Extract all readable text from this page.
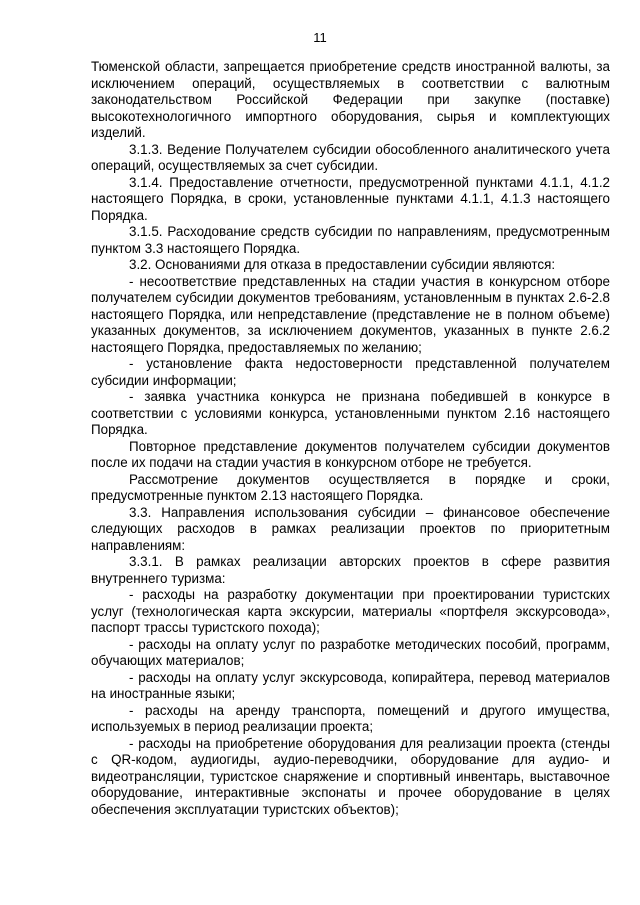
11

Тюменской области, запрещается приобретение средств иностранной валюты, за исключением операций, осуществляемых в соответствии с валютным законодательством Российской Федерации при закупке (поставке) высокотехнологичного импортного оборудования, сырья и комплектующих изделий.

3.1.3. Ведение Получателем субсидии обособленного аналитического учета операций, осуществляемых за счет субсидии.

3.1.4. Предоставление отчетности, предусмотренной пунктами 4.1.1, 4.1.2 настоящего Порядка, в сроки, установленные пунктами 4.1.1, 4.1.3 настоящего Порядка.

3.1.5. Расходование средств субсидии по направлениям, предусмотренным пунктом 3.3 настоящего Порядка.

3.2. Основаниями для отказа в предоставлении субсидии являются:

- несоответствие представленных на стадии участия в конкурсном отборе получателем субсидии документов требованиям, установленным в пунктах 2.6-2.8 настоящего Порядка, или непредставление (представление не в полном объеме) указанных документов, за исключением документов, указанных в пункте 2.6.2 настоящего Порядка, предоставляемых по желанию;

- установление факта недостоверности представленной получателем субсидии информации;

- заявка участника конкурса не признана победившей в конкурсе в соответствии с условиями конкурса, установленными пунктом 2.16 настоящего Порядка.

Повторное представление документов получателем субсидии документов после их подачи на стадии участия в конкурсном отборе не требуется.

Рассмотрение документов осуществляется в порядке и сроки, предусмотренные пунктом 2.13 настоящего Порядка.

3.3. Направления использования субсидии – финансовое обеспечение следующих расходов в рамках реализации проектов по приоритетным направлениям:

3.3.1. В рамках реализации авторских проектов в сфере развития внутреннего туризма:

- расходы на разработку документации при проектировании туристских услуг (технологическая карта экскурсии, материалы «портфеля экскурсовода», паспорт трассы туристского похода);

- расходы на оплату услуг по разработке методических пособий, программ, обучающих материалов;

- расходы на оплату услуг экскурсовода, копирайтера, перевод материалов на иностранные языки;

- расходы на аренду транспорта, помещений и другого имущества, используемых в период реализации проекта;

- расходы на приобретение оборудования для реализации проекта (стенды с QR-кодом, аудиогиды, аудио-переводчики, оборудование для аудио- и видеотрансляции, туристское снаряжение и спортивный инвентарь, выставочное оборудование, интерактивные экспонаты и прочее оборудование в целях обеспечения эксплуатации туристских объектов);
